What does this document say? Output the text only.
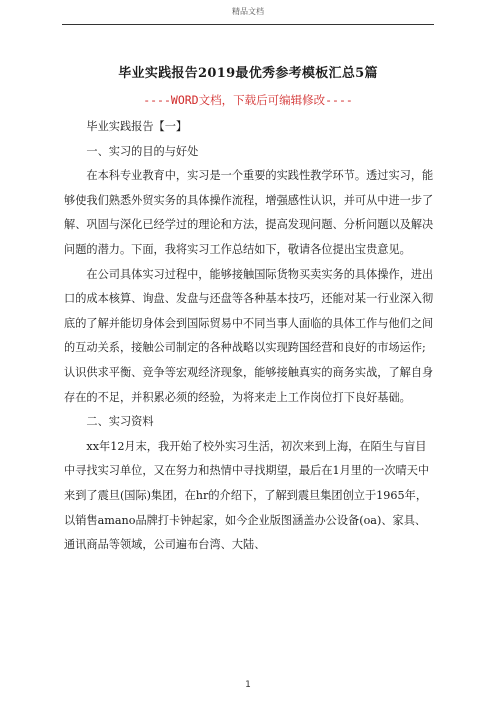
精品文档
毕业实践报告2019最优秀参考模板汇总5篇
----WORD文档，下载后可编辑修改----

毕业实践报告【一】

一、实习的目的与好处

在本科专业教育中，实习是一个重要的实践性教学环节。透过实习，能够使我们熟悉外贸实务的具体操作流程，增强感性认识，并可从中进一步了解、巩固与深化已经学过的理论和方法，提高发现问题、分析问题以及解决问题的潜力。下面，我将实习工作总结如下，敬请各位提出宝贵意见。

在公司具体实习过程中，能够接触国际货物买卖实务的具体操作，进出口的成本核算、询盘、发盘与还盘等各种基本技巧，还能对某一行业深入彻底的了解并能切身体会到国际贸易中不同当事人面临的具体工作与他们之间的互动关系，接触公司制定的各种战略以实现跨国经营和良好的市场运作;认识供求平衡、竞争等宏观经济现象，能够接触真实的商务实战，了解自身存在的不足，并积累必须的经验，为将来走上工作岗位打下良好基础。

二、实习资料

xx年12月末，我开始了校外实习生活，初次来到上海，在陌生与盲目中寻找实习单位，又在努力和热情中寻找期望，最后在1月里的一次晴天中来到了震旦(国际)集团，在hr的介绍下，了解到震旦集团创立于1965年，以销售amano品牌打卡钟起家，如今企业版图涵盖办公设备(oa)、家具、通讯商品等领域，公司遍布台湾、大陆、

1
